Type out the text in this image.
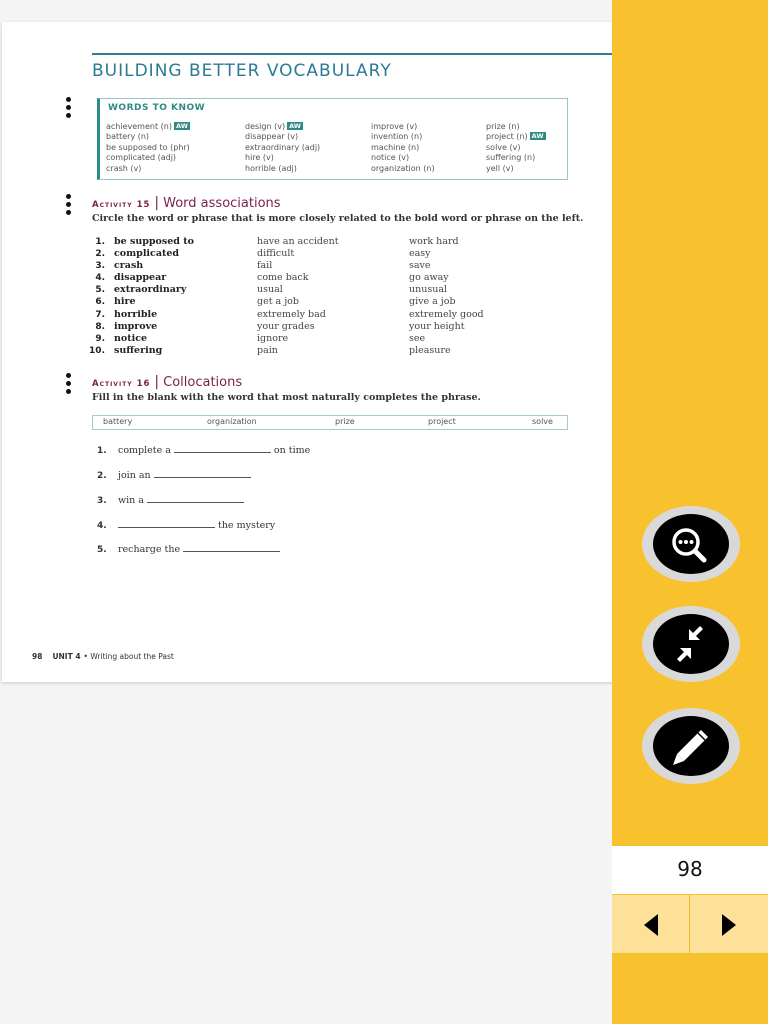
BUILDING BETTER VOCABULARY
WORDS TO KNOW
achievement (n) AW
battery (n)
be supposed to (phr)
complicated (adj)
crash (v)
design (v) AW
disappear (v)
extraordinary (adj)
hire (v)
horrible (adj)
improve (v)
invention (n)
machine (n)
notice (v)
organization (n)
prize (n)
project (n) AW
solve (v)
suffering (n)
yell (v)
Activity 15 | Word associations
Circle the word or phrase that is more closely related to the bold word or phrase on the left.
1. be supposed to	have an accident	work hard
2. complicated	difficult	easy
3. crash	fail	save
4. disappear	come back	go away
5. extraordinary	usual	unusual
6. hire	get a job	give a job
7. horrible	extremely bad	extremely good
8. improve	your grades	your height
9. notice	ignore	see
10. suffering	pain	pleasure
Activity 16 | Collocations
Fill in the blank with the word that most naturally completes the phrase.
battery	organization	prize	project	solve
1. complete a	on time
2. join an
3. win a
4.	the mystery
5. recharge the
98 UNIT 4 • Writing about the Past
98
